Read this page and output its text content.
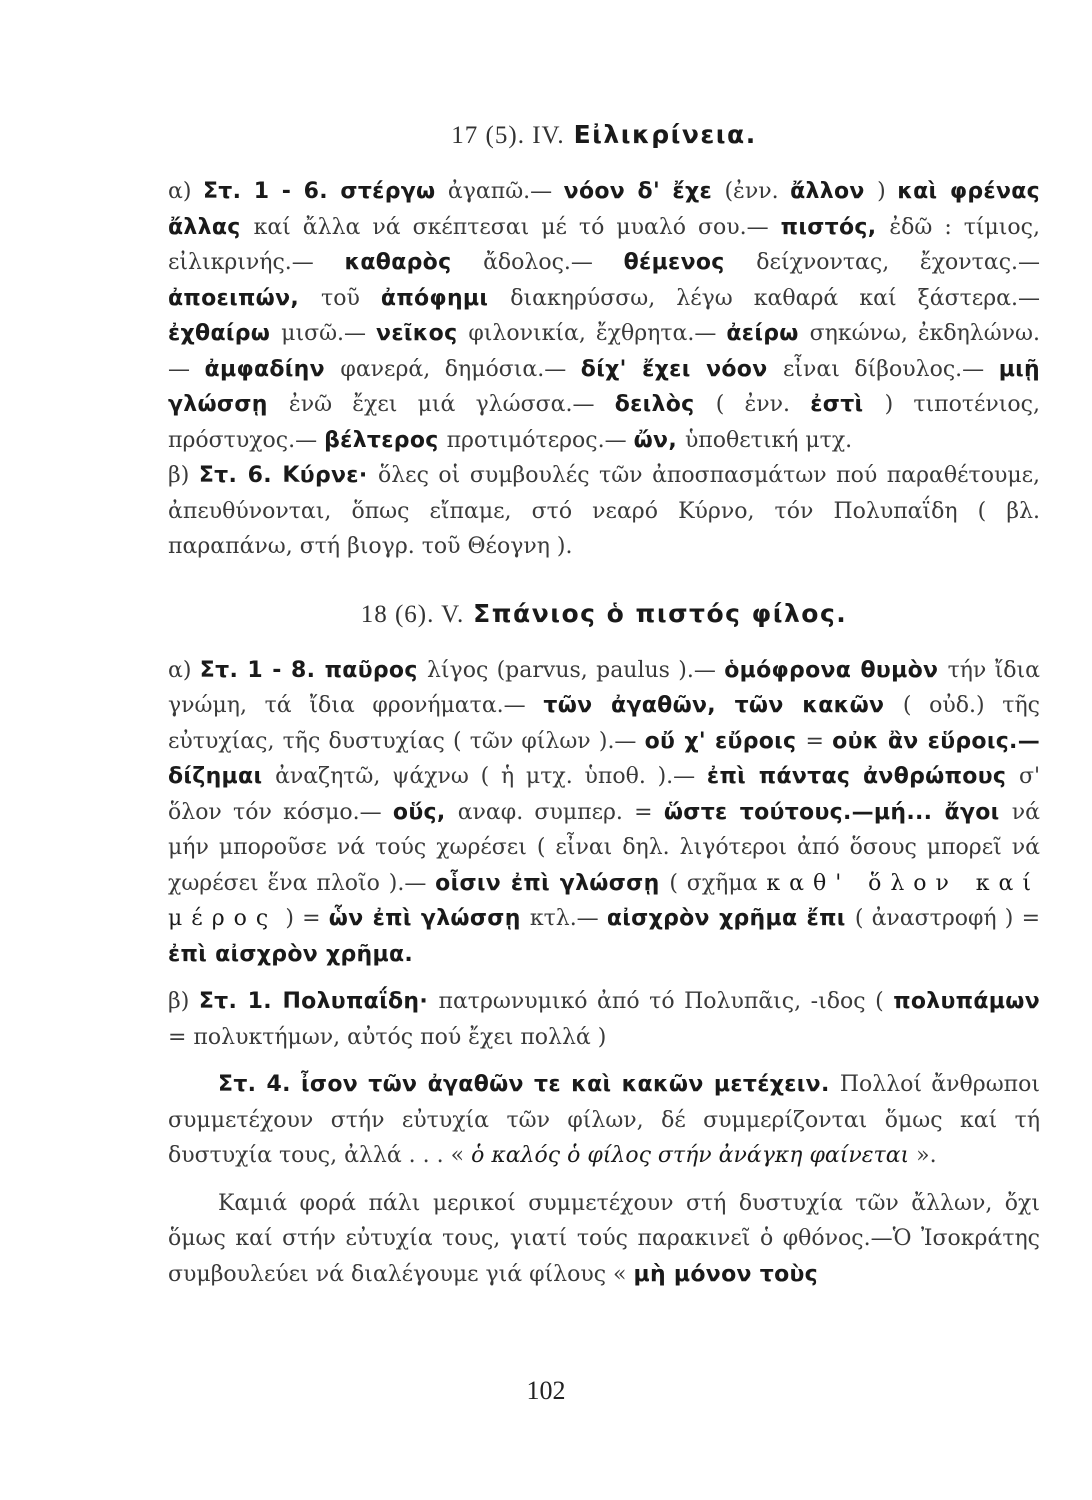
17 (5). IV. Εἰλικρίνεια.

α) Στ. 1 - 6. στέργω ἀγαπῶ.— νόον δ' ἔχε (ἐνν. ἄλλον ) καὶ φρένας ἄλλας καί ἄλλα νά σκέπτεσαι μέ τό μυαλό σου.— πιστός, ἐδῶ : τίμιος, εἰλικρινής.— καθαρὸς ἄδολος.— θέμενος δείχνοντας, ἔχοντας.— ἀποειπών, τοῦ ἀπόφημι διακηρύσσω, λέγω καθαρά καί ξάστερα.— ἐχθαίρω μισῶ.— νεῖκος φιλονικία, ἔχθρητα.— ἀείρω σηκώνω, ἐκδηλώνω.— ἀμφαδίην φανερά, δημόσια.— δίχ' ἔχει νόον εἶναι δίβουλος.— μιῇ γλώσσῃ ἐνῶ ἔχει μιά γλώσσα.— δειλὸς ( ἐνν. ἐστὶ ) τιποτένιος, πρόστυχος.— βέλτερος προτιμότερος.— ὤν, ὑποθετική μτχ.

β) Στ. 6. Κύρνε· ὅλες οἱ συμβουλές τῶν ἀποσπασμάτων πού παραθέτουμε, ἀπευθύνονται, ὅπως εἴπαμε, στό νεαρό Κύρνο, τόν Πολυπαΐδη ( βλ. παραπάνω, στή βιογρ. τοῦ Θέογνη ).

18 (6). V. Σπάνιος ὁ πιστός φίλος.

α) Στ. 1 - 8. παῦρος λίγος (parvus, paulus ).— ὁμόφρονα θυμὸν τήν ἴδια γνώμη, τά ἴδια φρονήματα.— τῶν ἀγαθῶν, τῶν κακῶν ( οὐδ.) τῆς εὐτυχίας, τῆς δυστυχίας ( τῶν φίλων ).— οὔ χ' εὔροις = οὐκ ἂν εὕροις.— δίζημαι ἀναζητῶ, ψάχνω ( ἡ μτχ. ὑποθ. ).— ἐπὶ πάντας ἀνθρώπους σ' ὅλον τόν κόσμο.— οὕς, αναφ. συμπερ. = ὥστε τούτους.—μή... ἄγοι νά μήν μποροῦσε νά τούς χωρέσει ( εἶναι δηλ. λιγότεροι ἀπό ὅσους μπορεῖ νά χωρέσει ἕνα πλοῖο ).— οἷσιν ἐπὶ γλώσσῃ ( σχῆμα καθ' ὅλον καί μέρος ) = ὧν ἐπὶ γλώσσῃ κτλ.— αἰσχρὸν χρῆμα ἔπι ( ἀναστροφή ) = ἐπὶ αἰσχρὸν χρῆμα.

β) Στ. 1. Πολυπαΐδη· πατρωνυμικό ἀπό τό Πολυπᾶις, -ιδος ( πολυπάμων = πολυκτήμων, αὐτός πού ἔχει πολλά )

Στ. 4. ἶσον τῶν ἀγαθῶν τε καὶ κακῶν μετέχειν. Πολλοί ἄνθρωποι συμμετέχουν στήν εὐτυχία τῶν φίλων, δέ συμμερίζονται ὅμως καί τή δυστυχία τους, ἀλλά . . . « ὁ καλός ὁ φίλος στήν ἀνάγκη φαίνεται ».

Καμιά φορά πάλι μερικοί συμμετέχουν στή δυστυχία τῶν ἄλλων, ὄχι ὅμως καί στήν εὐτυχία τους, γιατί τούς παρακινεῖ ὁ φθόνος.—Ὁ Ἰσοκράτης συμβουλεύει νά διαλέγουμε γιά φίλους « μὴ μόνον τοὺς

102
